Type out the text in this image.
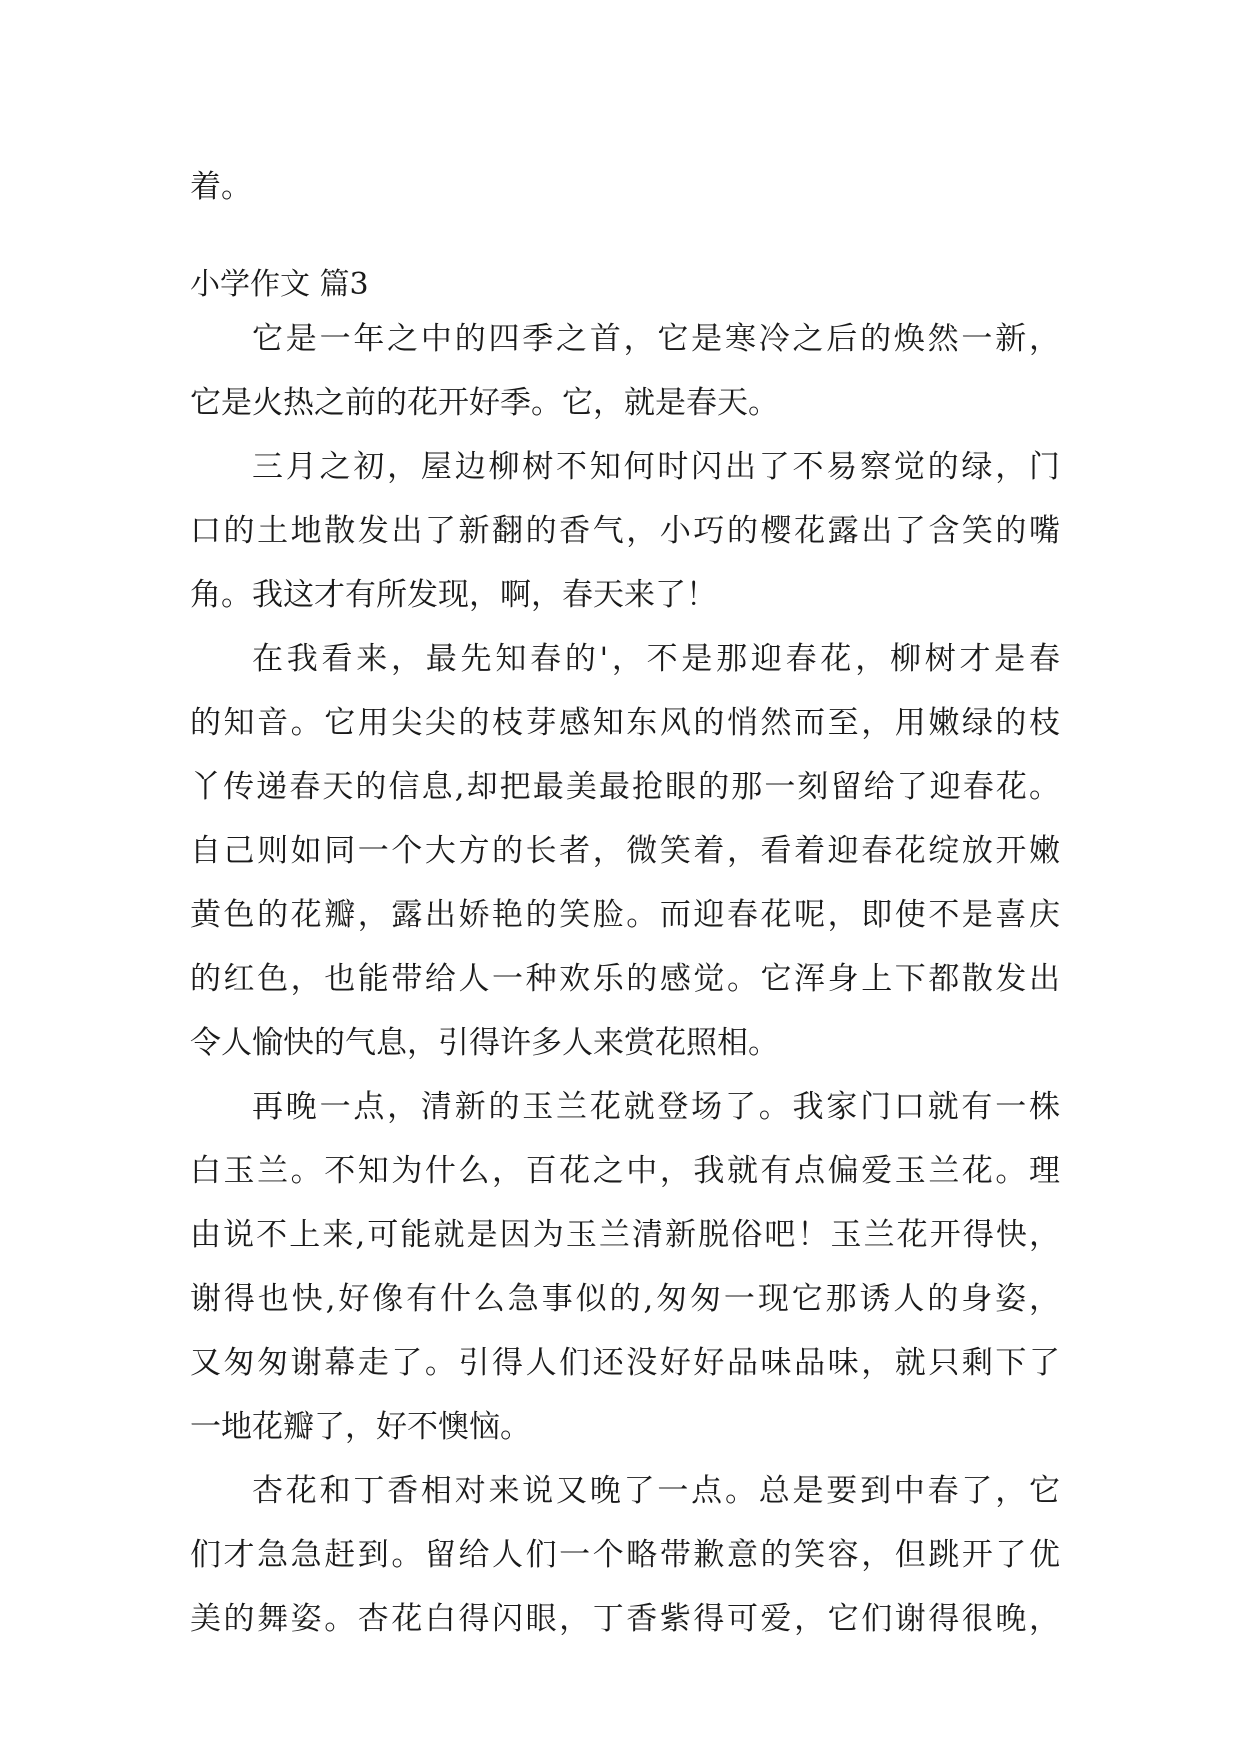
着。

小学作文 篇3

它是一年之中的四季之首，它是寒冷之后的焕然一新，
它是火热之前的花开好季。它，就是春天。
三月之初，屋边柳树不知何时闪出了不易察觉的绿，门
口的土地散发出了新翻的香气，小巧的樱花露出了含笑的嘴
角。我这才有所发现，啊，春天来了！
在我看来，最先知春的'，不是那迎春花，柳树才是春
的知音。它用尖尖的枝芽感知东风的悄然而至，用嫩绿的枝
丫传递春天的信息,却把最美最抢眼的那一刻留给了迎春花。
自己则如同一个大方的长者，微笑着，看着迎春花绽放开嫩
黄色的花瓣，露出娇艳的笑脸。而迎春花呢，即使不是喜庆
的红色，也能带给人一种欢乐的感觉。它浑身上下都散发出
令人愉快的气息，引得许多人来赏花照相。
再晚一点，清新的玉兰花就登场了。我家门口就有一株
白玉兰。不知为什么，百花之中，我就有点偏爱玉兰花。理
由说不上来,可能就是因为玉兰清新脱俗吧！玉兰花开得快，
谢得也快,好像有什么急事似的,匆匆一现它那诱人的身姿，
又匆匆谢幕走了。引得人们还没好好品味品味，就只剩下了
一地花瓣了，好不懊恼。
杏花和丁香相对来说又晚了一点。总是要到中春了，它
们才急急赶到。留给人们一个略带歉意的笑容，但跳开了优
美的舞姿。杏花白得闪眼，丁香紫得可爱，它们谢得很晚，
